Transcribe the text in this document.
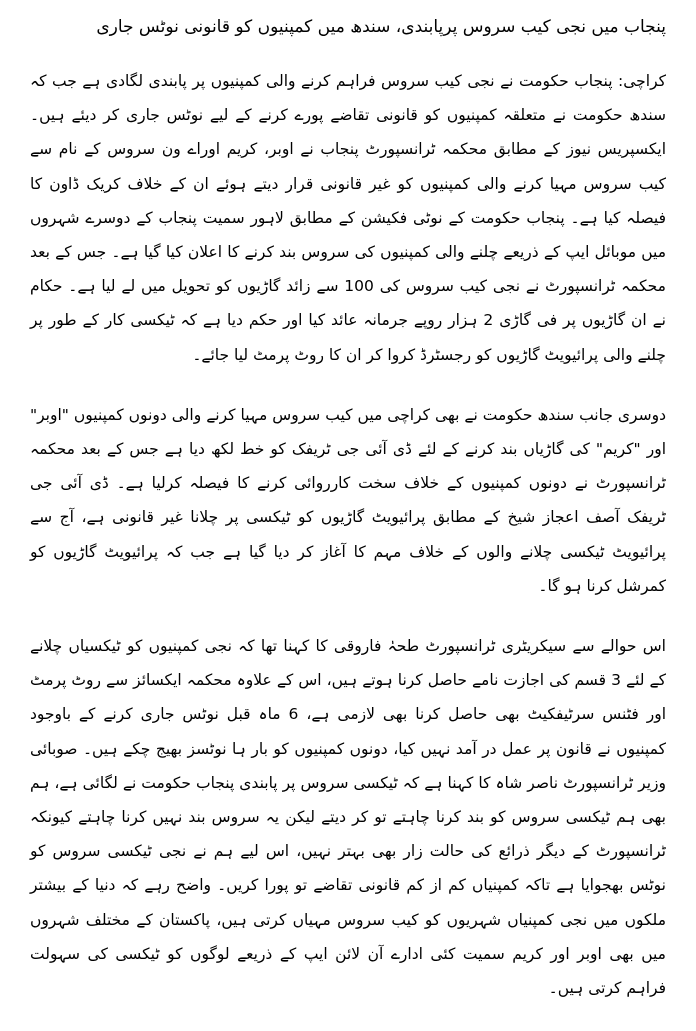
پنجاب میں نجی کیب سروس پرپابندی، سندھ میں کمپنیوں کو قانونی نوٹس جاری

کراچی: پنجاب حکومت نے نجی کیب سروس فراہم کرنے والی کمپنیوں پر پابندی لگادی ہے جب کہ سندھ حکومت نے متعلقہ کمپنیوں کو قانونی تقاضے پورے کرنے کے لیے نوٹس جاری کر دیئے ہیں۔ ایکسپریس نیوز کے مطابق محکمہ ٹرانسپورٹ پنجاب نے اوبر، کریم اوراے ون سروس کے نام سے کیب سروس مہیا کرنے والی کمپنیوں کو غیر قانونی قرار دیتے ہوئے ان کے خلاف کریک ڈاون کا فیصلہ کیا ہے۔ پنجاب حکومت کے نوٹی فکیشن کے مطابق لاہور سمیت پنجاب کے دوسرے شہروں میں موبائل ایپ کے ذریعے چلنے والی کمپنیوں کی سروس بند کرنے کا اعلان کیا گیا ہے۔ جس کے بعد محکمہ ٹرانسپورٹ نے نجی کیب سروس کی 100 سے زائد گاڑیوں کو تحویل میں لے لیا ہے۔ حکام نے ان گاڑیوں پر فی گاڑی 2 ہزار روپے جرمانہ عائد کیا اور حکم دیا ہے کہ ٹیکسی کار کے طور پر چلنے والی پرائیویٹ گاڑیوں کو رجسٹرڈ کروا کر ان کا روٹ پرمٹ لیا جائے۔

دوسری جانب سندھ حکومت نے بھی کراچی میں کیب سروس مہیا کرنے والی دونوں کمپنیوں "اوبر" اور "کریم" کی گاڑیاں بند کرنے کے لئے ڈی آئی جی ٹریفک کو خط لکھ دیا ہے جس کے بعد محکمہ ٹرانسپورٹ نے دونوں کمپنیوں کے خلاف سخت کارروائی کرنے کا فیصلہ کرلیا ہے۔ ڈی آئی جی ٹریفک آصف اعجاز شیخ کے مطابق پرائیویٹ گاڑیوں کو ٹیکسی پر چلانا غیر قانونی ہے، آج سے پرائیویٹ ٹیکسی چلانے والوں کے خلاف مہم کا آغاز کر دیا گیا ہے جب کہ پرائیویٹ گاڑیوں کو کمرشل کرنا ہو گا۔

اس حوالے سے سیکریٹری ٹرانسپورٹ طحہٰ فاروقی کا کہنا تھا کہ نجی کمپنیوں کو ٹیکسیاں چلانے کے لئے 3 قسم کی اجازت نامے حاصل کرنا ہوتے ہیں، اس کے علاوہ محکمہ ایکسائز سے روٹ پرمٹ اور فٹنس سرٹیفکیٹ بھی حاصل کرنا بھی لازمی ہے، 6 ماہ قبل نوٹس جاری کرنے کے باوجود کمپنیوں نے قانون پر عمل در آمد نہیں کیا، دونوں کمپنیوں کو بار ہا نوٹسز بھیج چکے ہیں۔ صوبائی وزیر ٹرانسپورٹ ناصر شاہ کا کہنا ہے کہ ٹیکسی سروس پر پابندی پنجاب حکومت نے لگائی ہے، ہم بھی ہم ٹیکسی سروس کو بند کرنا چاہتے تو کر دیتے لیکن یہ سروس بند نہیں کرنا چاہتے کیونکہ ٹرانسپورٹ کے دیگر ذرائع کی حالت زار بھی بہتر نہیں، اس لیے ہم نے نجی ٹیکسی سروس کو نوٹس بھجوایا ہے تاکہ کمپنیاں کم از کم قانونی تقاضے تو پورا کریں۔ واضح رہے کہ دنیا کے بیشتر ملکوں میں نجی کمپنیاں شہریوں کو کیب سروس مہیاں کرتی ہیں، پاکستان کے مختلف شہروں میں بھی اوبر اور کریم سمیت کئی ادارے آن لائن ایپ کے ذریعے لوگوں کو ٹیکسی کی سہولت فراہم کرتی ہیں۔
